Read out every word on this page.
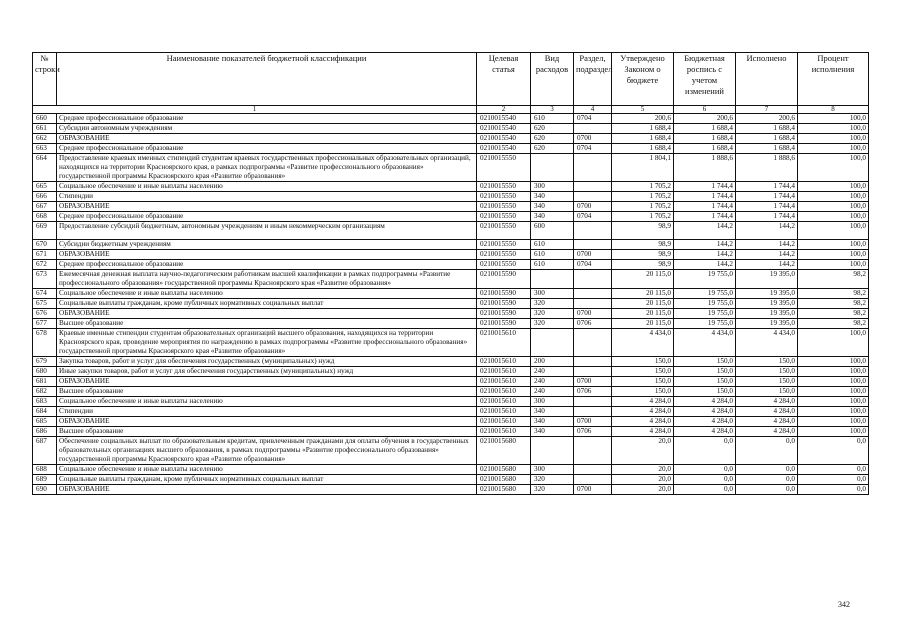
№ строки	Наименование показателей бюджетной классификации	Целевая статья	Вид расходов	Раздел, подраздел	Утверждено Законом о бюджете	Бюджетная роспись с учетом изменений	Исполнено	Процент исполнения
1		2	3	4	5	6	7	8
660	Среднее профессиональное образование	0210015540	610	0704	200,6	200,6	200,6	100,0
661	Субсидии автономным учреждениям	0210015540	620		1 688,4	1 688,4	1 688,4	100,0
662	ОБРАЗОВАНИЕ	0210015540	620	0700	1 688,4	1 688,4	1 688,4	100,0
663	Среднее профессиональное образование	0210015540	620	0704	1 688,4	1 688,4	1 688,4	100,0
664	Предоставление краевых именных стипендий студентам краевых государственных профессиональных образовательных организаций, находящихся на территории Красноярского края, в рамках подпрограммы «Развитие профессионального образования» государственной программы Красноярского края «Развитие образования»	0210015550			1 804,1	1 888,6	1 888,6	100,0
665	Социальное обеспечение и иные выплаты населению	0210015550	300		1 705,2	1 744,4	1 744,4	100,0
666	Стипендии	0210015550	340		1 705,2	1 744,4	1 744,4	100,0
667	ОБРАЗОВАНИЕ	0210015550	340	0700	1 705,2	1 744,4	1 744,4	100,0
668	Среднее профессиональное образование	0210015550	340	0704	1 705,2	1 744,4	1 744,4	100,0
669	Предоставление субсидий бюджетным, автономным учреждениям и иным некоммерческим организациям	0210015550	600		98,9	144,2	144,2	100,0
670	Субсидии бюджетным учреждениям	0210015550	610		98,9	144,2	144,2	100,0
671	ОБРАЗОВАНИЕ	0210015550	610	0700	98,9	144,2	144,2	100,0
672	Среднее профессиональное образование	0210015550	610	0704	98,9	144,2	144,2	100,0
673	Ежемесячная денежная выплата научно-педагогическим работникам высшей квалификации в рамках подпрограммы «Развитие профессионального образования» государственной программы Красноярского края «Развитие образования»	0210015590			20 115,0	19 755,0	19 395,0	98,2
674	Социальное обеспечение и иные выплаты населению	0210015590	300		20 115,0	19 755,0	19 395,0	98,2
675	Социальные выплаты гражданам, кроме публичных нормативных социальных выплат	0210015590	320		20 115,0	19 755,0	19 395,0	98,2
676	ОБРАЗОВАНИЕ	0210015590	320	0700	20 115,0	19 755,0	19 395,0	98,2
677	Высшее образование	0210015590	320	0706	20 115,0	19 755,0	19 395,0	98,2
678	Краевые именные стипендии студентам образовательных организаций высшего образования, находящихся на территории Красноярского края, проведение мероприятия по награждению в рамках подпрограммы «Развитие профессионального образования» государственной программы Красноярского края «Развитие образования»	0210015610			4 434,0	4 434,0	4 434,0	100,0
679	Закупка товаров, работ и услуг для обеспечения государственных (муниципальных) нужд	0210015610	200		150,0	150,0	150,0	100,0
680	Иные закупки товаров, работ и услуг для обеспечения государственных (муниципальных) нужд	0210015610	240		150,0	150,0	150,0	100,0
681	ОБРАЗОВАНИЕ	0210015610	240	0700	150,0	150,0	150,0	100,0
682	Высшее образование	0210015610	240	0706	150,0	150,0	150,0	100,0
683	Социальное обеспечение и иные выплаты населению	0210015610	300		4 284,0	4 284,0	4 284,0	100,0
684	Стипендии	0210015610	340		4 284,0	4 284,0	4 284,0	100,0
685	ОБРАЗОВАНИЕ	0210015610	340	0700	4 284,0	4 284,0	4 284,0	100,0
686	Высшее образование	0210015610	340	0706	4 284,0	4 284,0	4 284,0	100,0
687	Обеспечение социальных выплат по образовательным кредитам, привлеченным гражданами для оплаты обучения в государственных образовательных организациях высшего образования, в рамках подпрограммы «Развитие профессионального образования» государственной программы Красноярского края «Развитие образования»	0210015680			20,0	0,0	0,0	0,0
688	Социальное обеспечение и иные выплаты населению	0210015680	300		20,0	0,0	0,0	0,0
689	Социальные выплаты гражданам, кроме публичных нормативных социальных выплат	0210015680	320		20,0	0,0	0,0	0,0
690	ОБРАЗОВАНИЕ	0210015680	320	0700	20,0	0,0	0,0	0,0
342
